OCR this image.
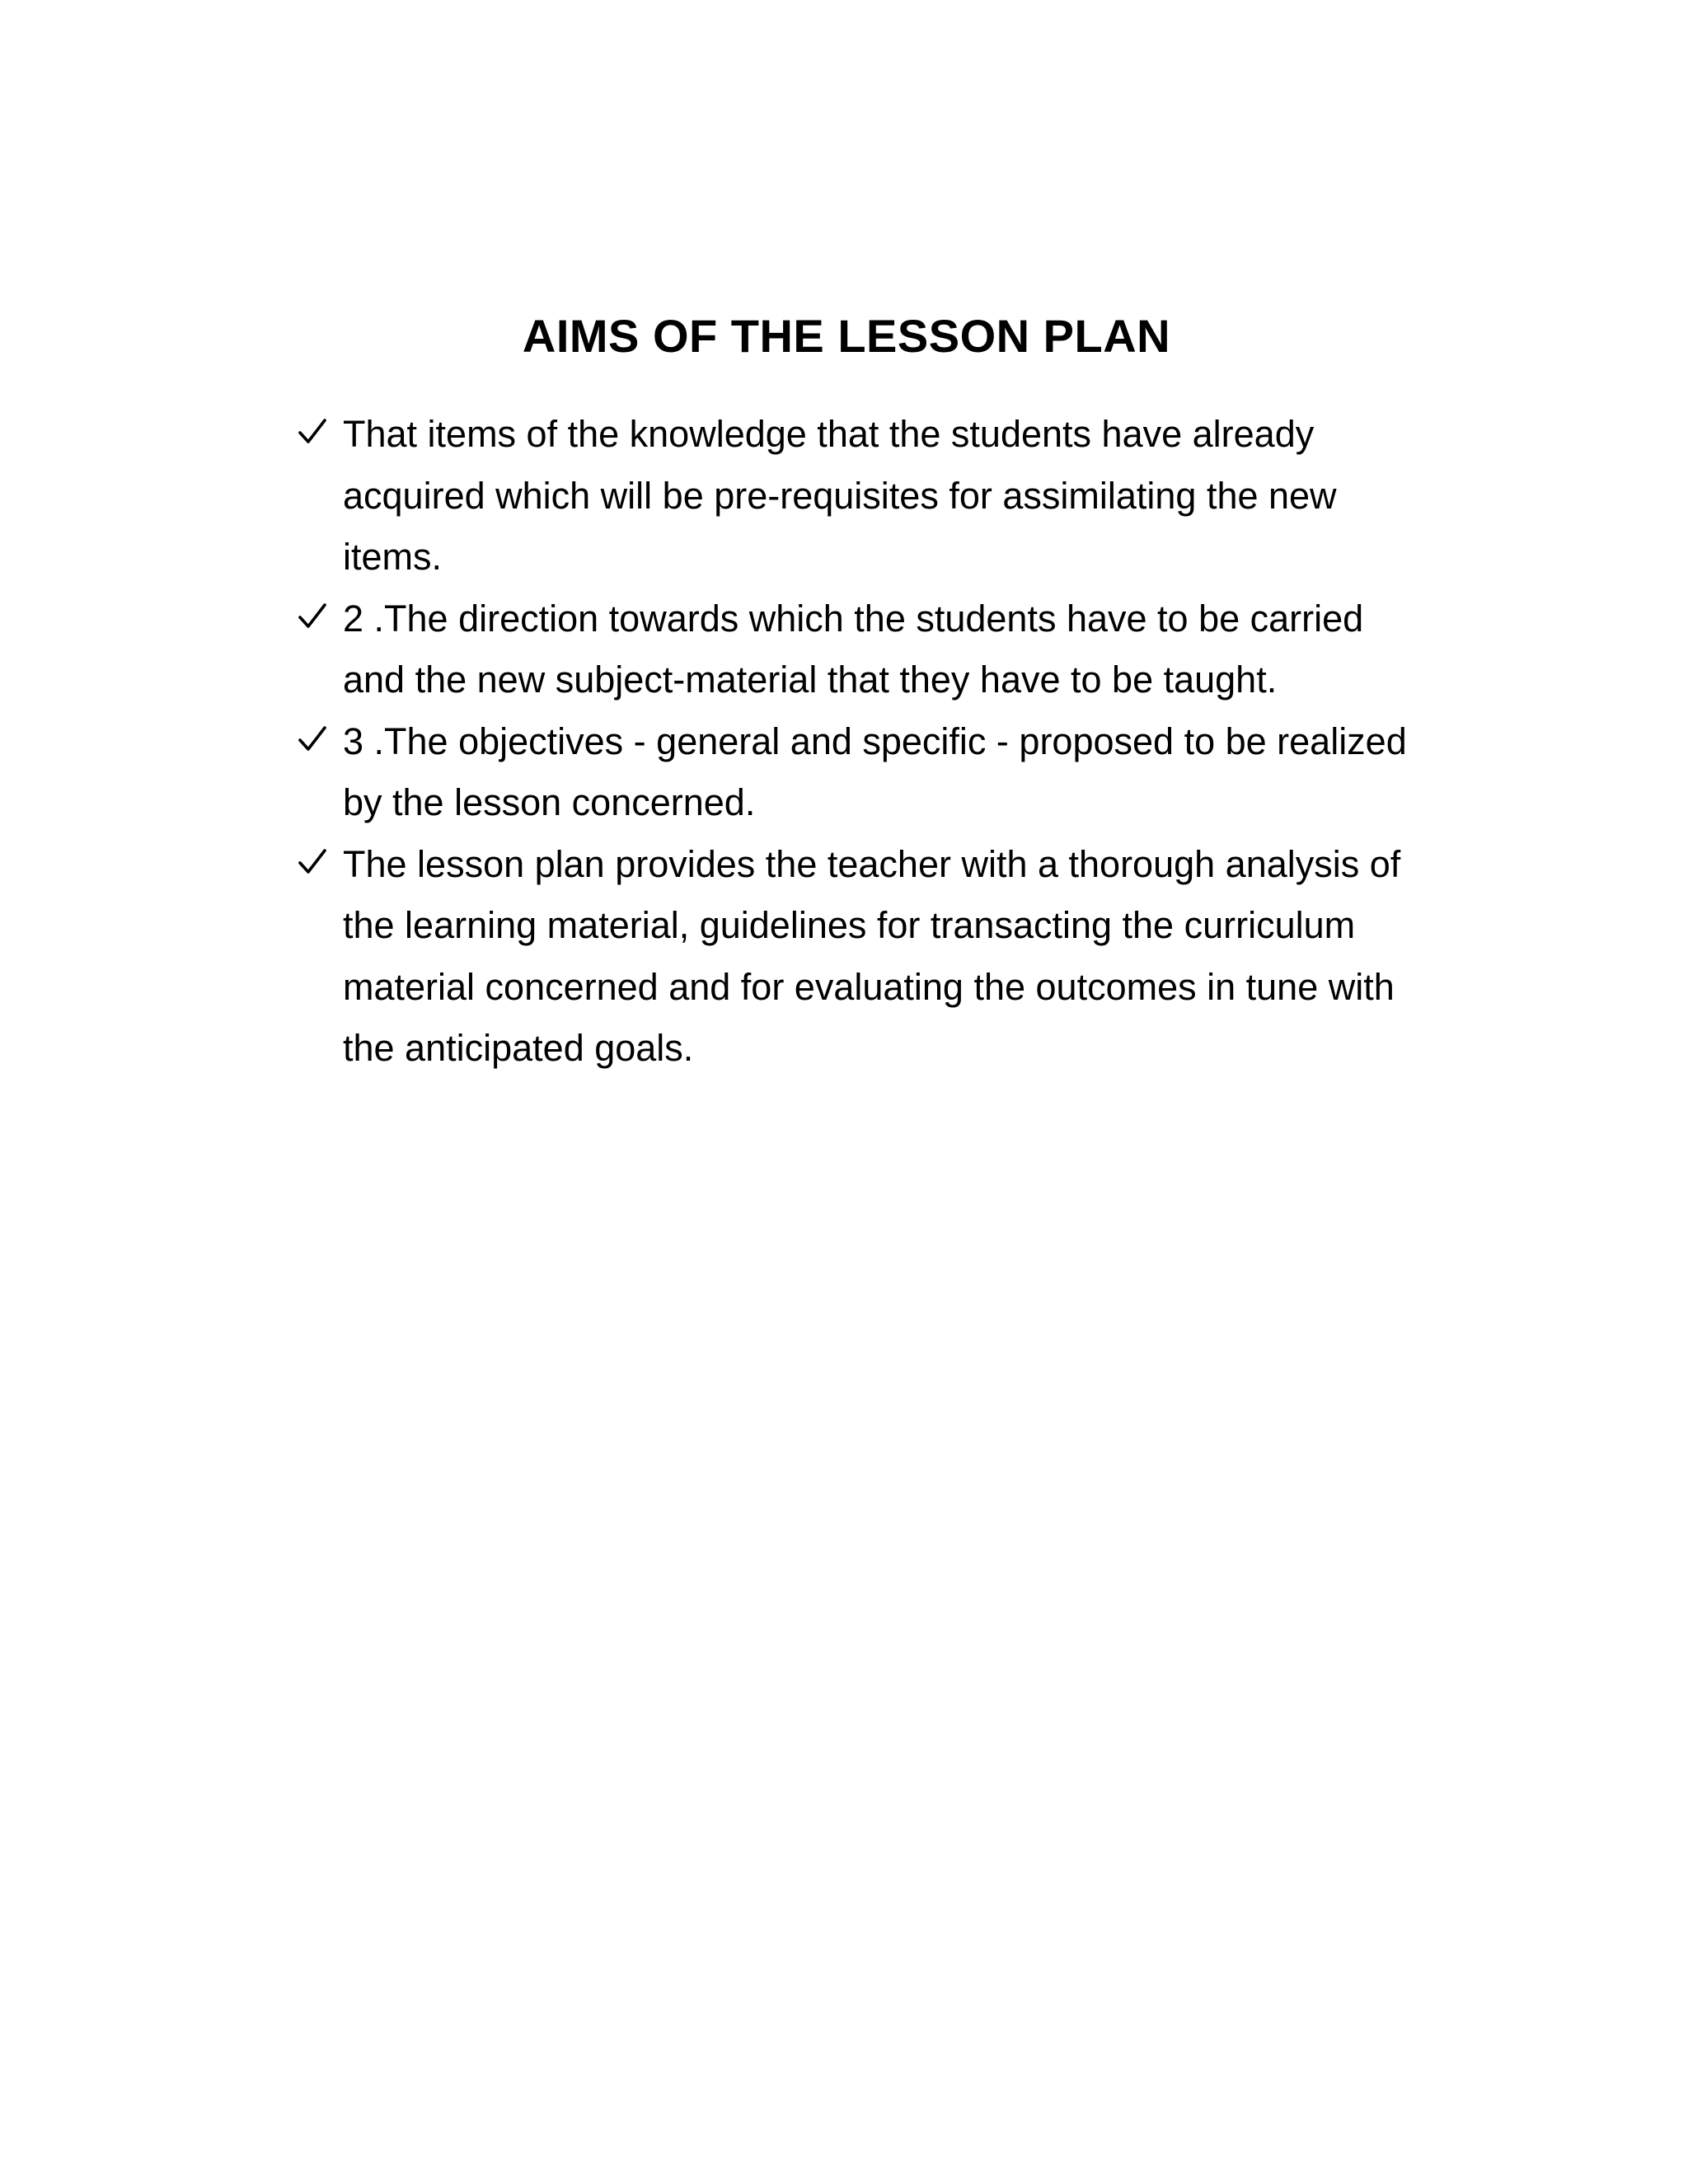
AIMS OF THE LESSON PLAN
That items of the knowledge that the students have already acquired which will be pre-requisites for assimilating the new items.
2 .The direction towards which the students have to be carried and the new subject-material that they have to be taught.
3 .The objectives - general and specific - proposed to be realized by the lesson concerned.
The lesson plan provides the teacher with a thorough analysis of the learning material, guidelines for transacting the curriculum material concerned and for evaluating the outcomes in tune with the anticipated goals.
